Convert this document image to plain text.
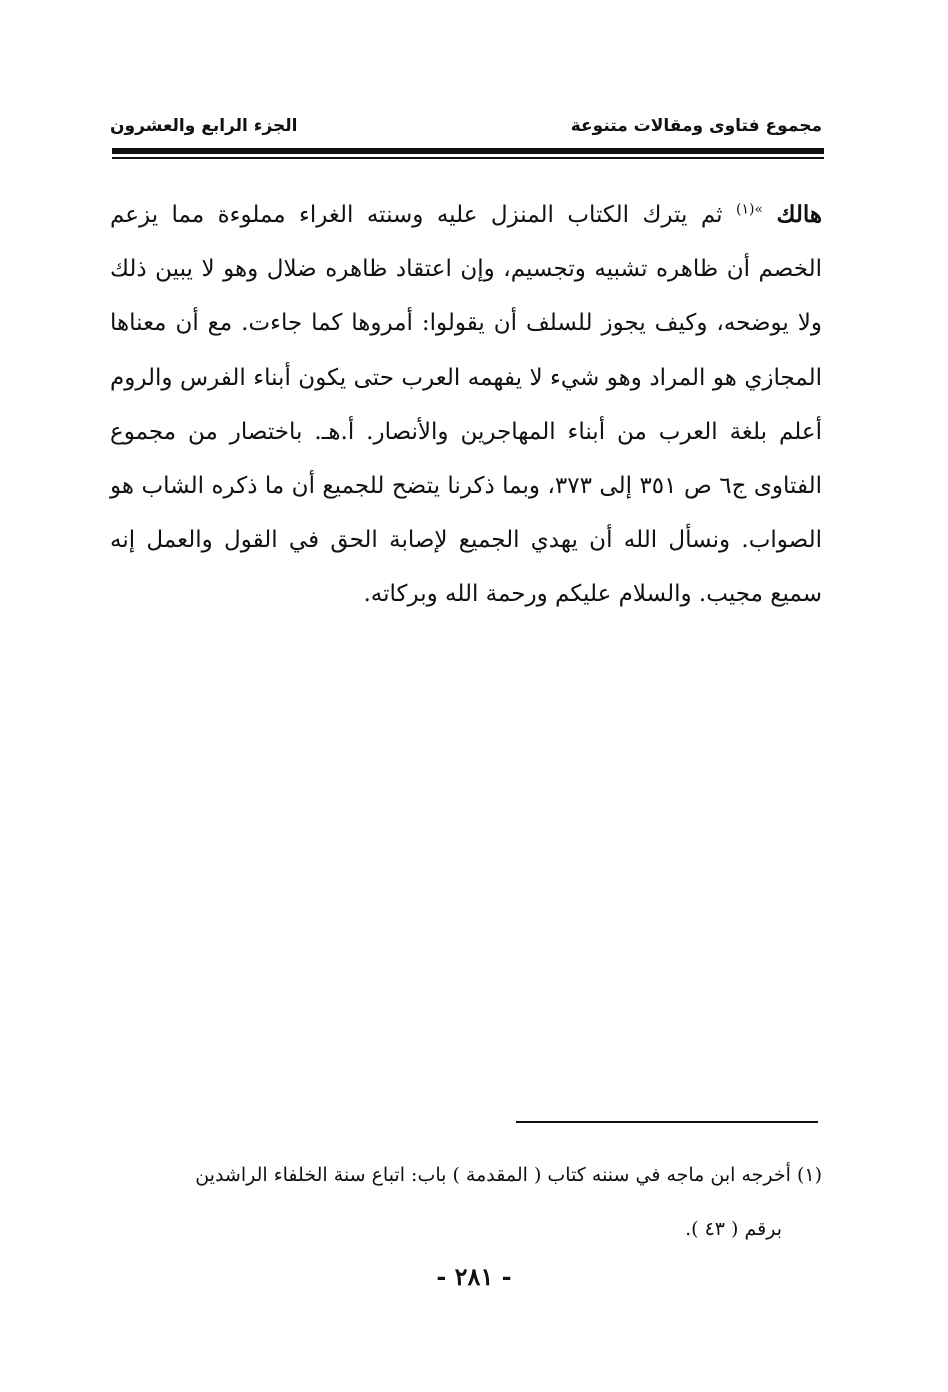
مجموع فتاوى ومقالات متنوعة
الجزء الرابع والعشرون
هالك $^{»(١)}$ ثم يترك الكتاب المنزل عليه وسنته الغراء مملوءة مما يزعم الخصم أن ظاهره تشبيه وتجسيم، وإن اعتقاد ظاهره ضلال وهو لا يبين ذلك ولا يوضحه، وكيف يجوز للسلف أن يقولوا: أمروها كما جاءت. مع أن معناها المجازي هو المراد وهو شيء لا يفهمه العرب حتى يكون أبناء الفرس والروم أعلم بلغة العرب من أبناء المهاجرين والأنصار. أ.هـ. باختصار من مجموع الفتاوى ج٦ ص ٣٥١ إلى ٣٧٣، وبما ذكرنا يتضح للجميع أن ما ذكره الشاب هو الصواب. ونسأل الله أن يهدي الجميع لإصابة الحق في القول والعمل إنه سميع مجيب. والسلام عليكم ورحمة الله وبركاته.
(١) أخرجه ابن ماجه في سننه كتاب ( المقدمة ) باب: اتباع سنة الخلفاء الراشدين
برقم ( ٤٣ ).
- ٢٨١ -
